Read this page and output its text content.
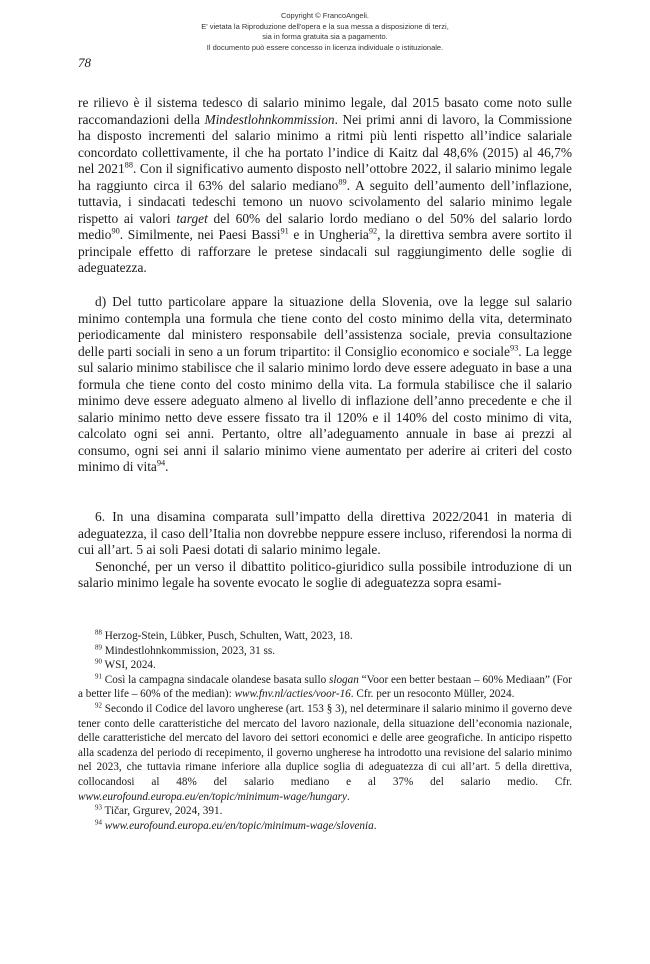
Copyright © FrancoAngeli.
E' vietata la Riproduzione dell'opera e la sua messa a disposizione di terzi,
sia in forma gratuita sia a pagamento.
Il documento può essere concesso in licenza individuale o istituzionale.
78

re rilievo è il sistema tedesco di salario minimo legale, dal 2015 basato come noto sulle raccomandazioni della Mindestlohnkommission. Nei primi anni di lavoro, la Commissione ha disposto incrementi del salario minimo a ritmi più lenti rispetto all’indice salariale concordato collettivamente, il che ha portato l’indice di Kaitz dal 48,6% (2015) al 46,7% nel 2021$^{88}$. Con il significativo aumento disposto nell’ottobre 2022, il salario minimo legale ha raggiunto circa il 63% del salario mediano$^{89}$. A seguito dell’aumento dell’inflazione, tuttavia, i sindacati tedeschi temono un nuovo scivolamento del salario minimo legale rispetto ai valori target del 60% del salario lordo mediano o del 50% del salario lordo medio$^{90}$. Similmente, nei Paesi Bassi$^{91}$ e in Ungheria$^{92}$, la direttiva sembra avere sortito il principale effetto di rafforzare le pretese sindacali sul raggiungimento delle soglie di adeguatezza.

d) Del tutto particolare appare la situazione della Slovenia, ove la legge sul salario minimo contempla una formula che tiene conto del costo minimo della vita, determinato periodicamente dal ministero responsabile dell’assistenza sociale, previa consultazione delle parti sociali in seno a un forum tripartito: il Consiglio economico e sociale$^{93}$. La legge sul salario minimo stabilisce che il salario minimo lordo deve essere adeguato in base a una formula che tiene conto del costo minimo della vita. La formula stabilisce che il salario minimo deve essere adeguato almeno al livello di inflazione dell’anno precedente e che il salario minimo netto deve essere fissato tra il 120% e il 140% del costo minimo di vita, calcolato ogni sei anni. Pertanto, oltre all’adeguamento annuale in base ai prezzi al consumo, ogni sei anni il salario minimo viene aumentato per aderire ai criteri del costo minimo di vita$^{94}$.

6. In una disamina comparata sull’impatto della direttiva 2022/2041 in materia di adeguatezza, il caso dell’Italia non dovrebbe neppure essere incluso, riferendosi la norma di cui all’art. 5 ai soli Paesi dotati di salario minimo legale.

Senonché, per un verso il dibattito politico-giuridico sulla possibile introduzione di un salario minimo legale ha sovente evocato le soglie di adeguatezza sopra esami-

$^{88}$ Herzog-Stein, Lübker, Pusch, Schulten, Watt, 2023, 18.

$^{89}$ Mindestlohnkommission, 2023, 31 ss.

$^{90}$ WSI, 2024.

$^{91}$ Così la campagna sindacale olandese basata sullo slogan “Voor een better bestaan – 60% Mediaan” (For a better life – 60% of the median): www.fnv.nl/acties/voor-16. Cfr. per un resoconto Müller, 2024.

$^{92}$ Secondo il Codice del lavoro ungherese (art. 153 § 3), nel determinare il salario minimo il governo deve tener conto delle caratteristiche del mercato del lavoro nazionale, della situazione dell’economia nazionale, delle caratteristiche del mercato del lavoro dei settori economici e delle aree geografiche. In anticipo rispetto alla scadenza del periodo di recepimento, il governo ungherese ha introdotto una revisione del salario minimo nel 2023, che tuttavia rimane inferiore alla duplice soglia di adeguatezza di cui all’art. 5 della direttiva, collocandosi al 48% del salario mediano e al 37% del salario medio. Cfr. www.eurofound.europa.eu/en/topic/minimum-wage/hungary.

$^{93}$ Tičar, Grgurev, 2024, 391.

$^{94}$ www.eurofound.europa.eu/en/topic/minimum-wage/slovenia.
